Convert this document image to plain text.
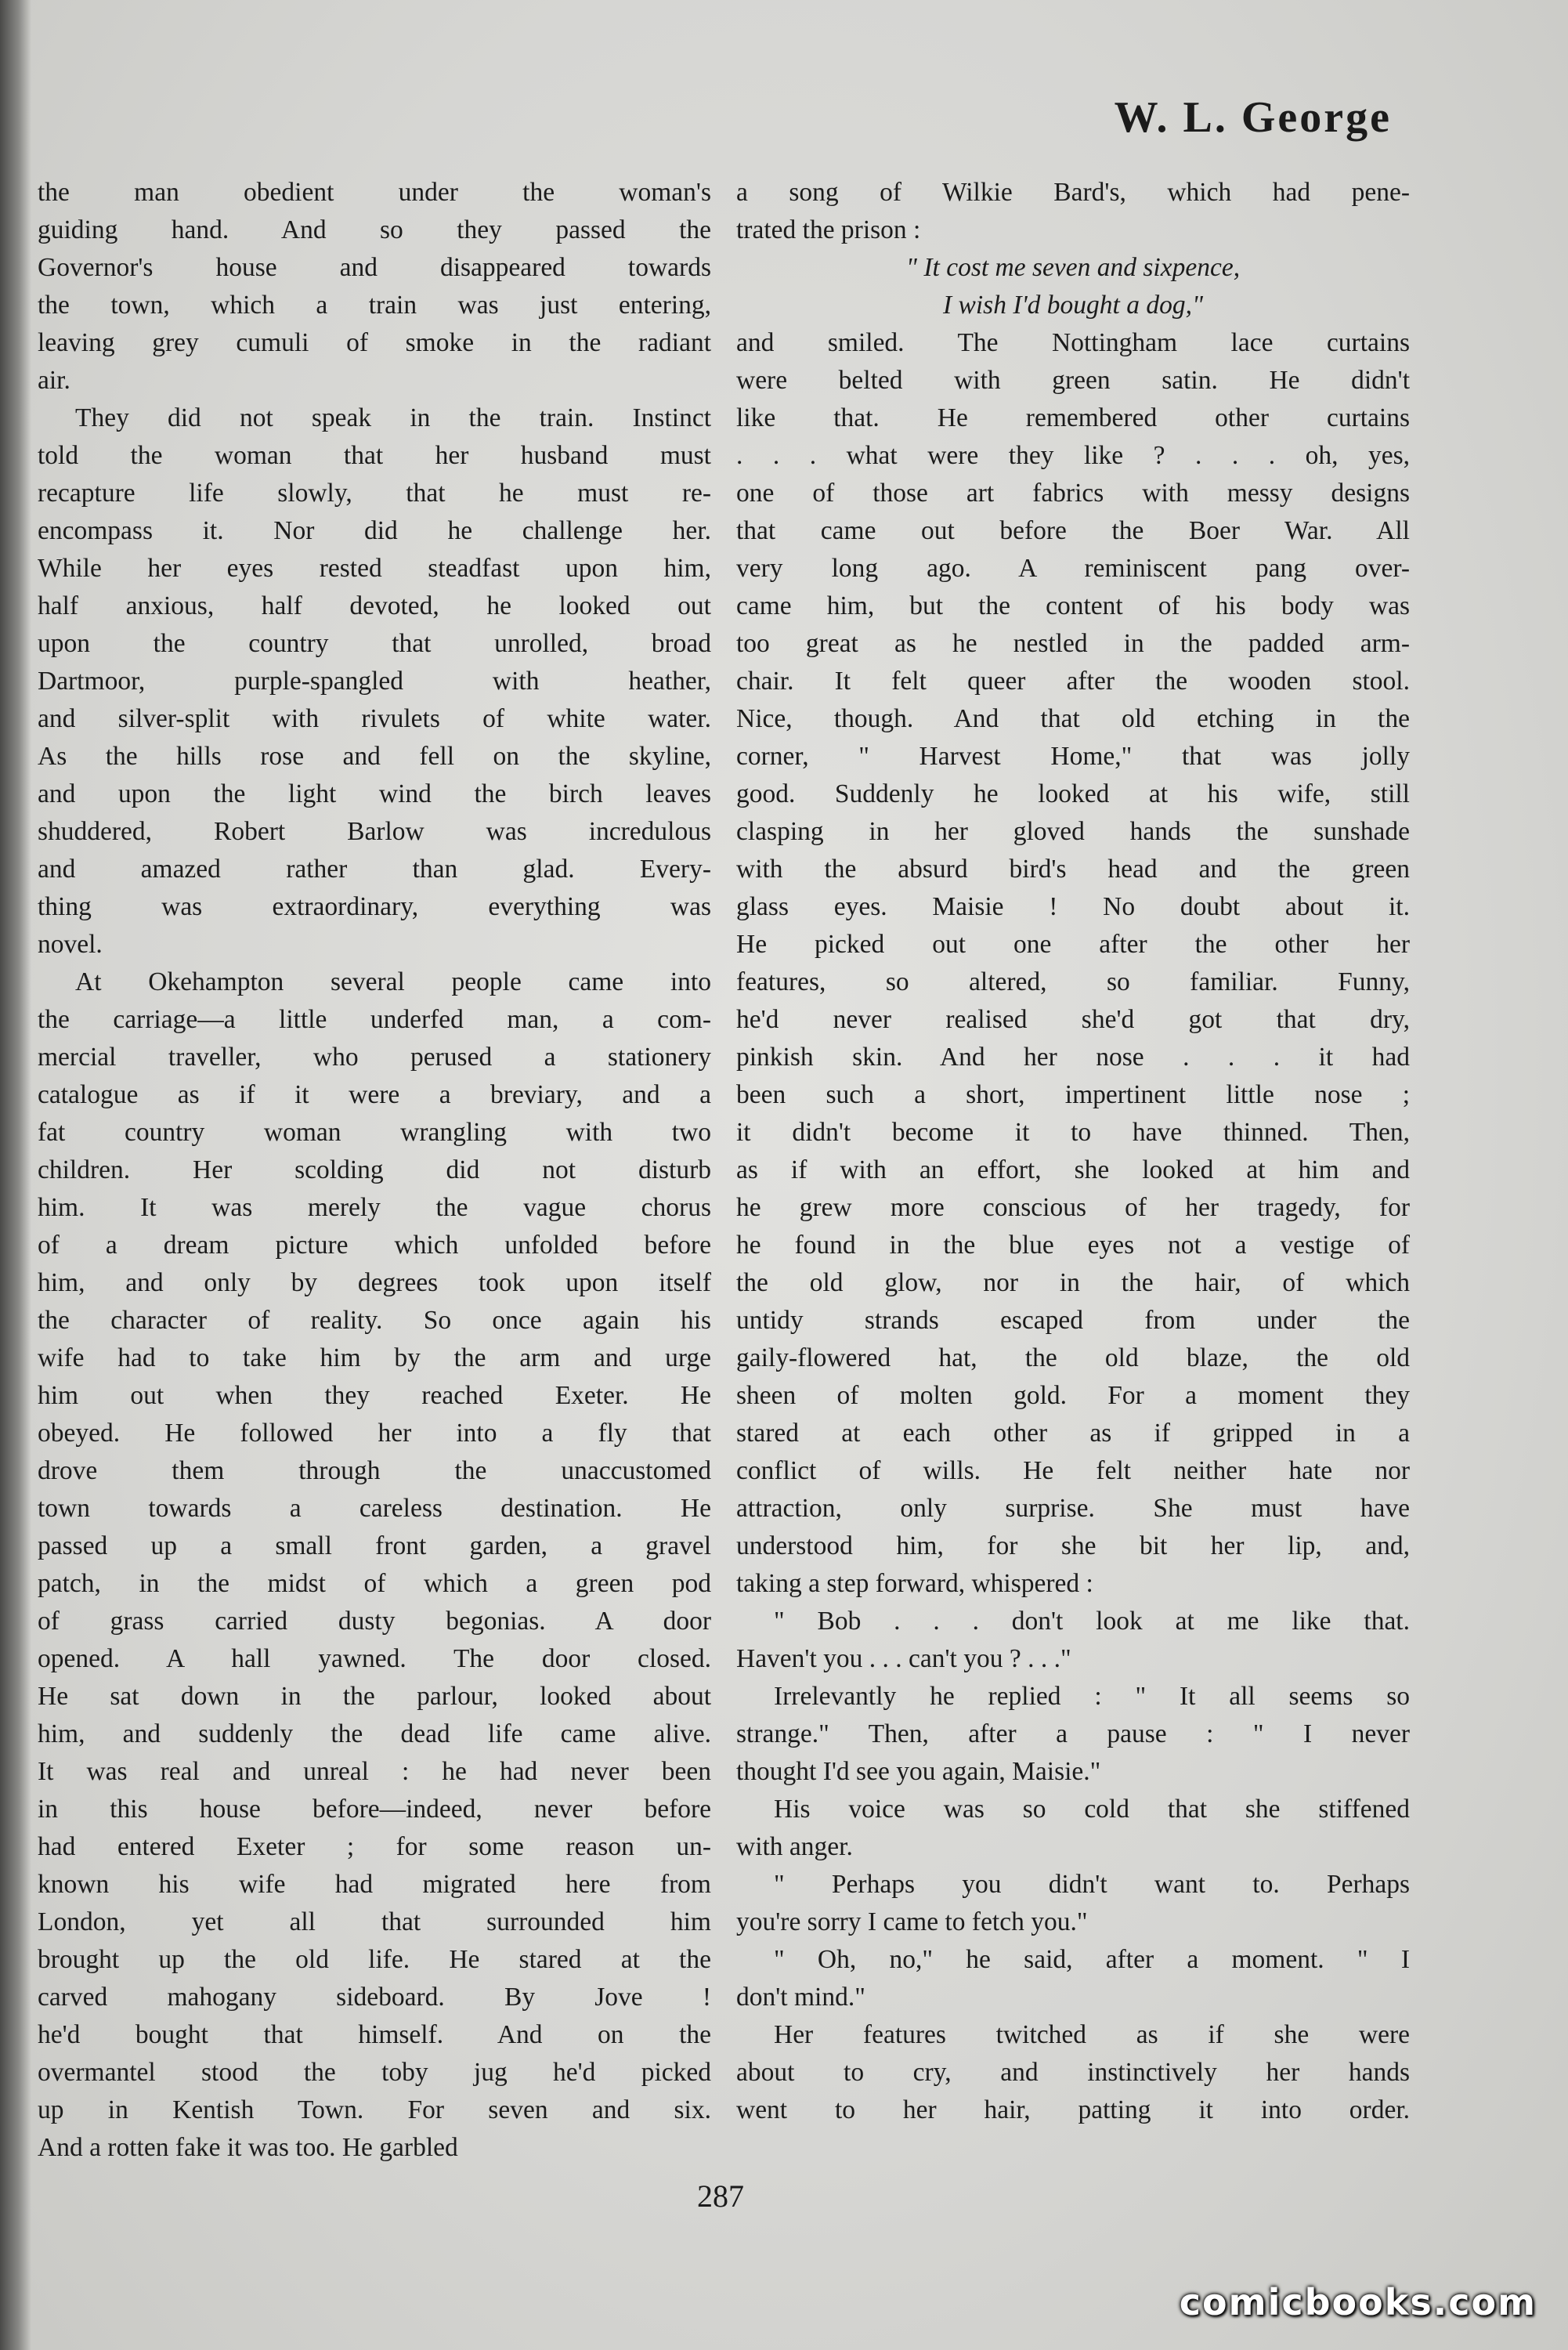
W. L. George
the man obedient under the woman's
guiding hand. And so they passed the
Governor's house and disappeared towards
the town, which a train was just entering,
leaving grey cumuli of smoke in the radiant
air.
They did not speak in the train. Instinct
told the woman that her husband must
recapture life slowly, that he must re-
encompass it. Nor did he challenge her.
While her eyes rested steadfast upon him,
half anxious, half devoted, he looked out
upon the country that unrolled, broad
Dartmoor, purple-spangled with heather,
and silver-split with rivulets of white water.
As the hills rose and fell on the skyline,
and upon the light wind the birch leaves
shuddered, Robert Barlow was incredulous
and amazed rather than glad. Every-
thing was extraordinary, everything was
novel.
At Okehampton several people came into
the carriage—a little underfed man, a com-
mercial traveller, who perused a stationery
catalogue as if it were a breviary, and a
fat country woman wrangling with two
children. Her scolding did not disturb
him. It was merely the vague chorus
of a dream picture which unfolded before
him, and only by degrees took upon itself
the character of reality. So once again his
wife had to take him by the arm and urge
him out when they reached Exeter. He
obeyed. He followed her into a fly that
drove them through the unaccustomed
town towards a careless destination. He
passed up a small front garden, a gravel
patch, in the midst of which a green pod
of grass carried dusty begonias. A door
opened. A hall yawned. The door closed.
He sat down in the parlour, looked about
him, and suddenly the dead life came alive.
It was real and unreal : he had never been
in this house before—indeed, never before
had entered Exeter ; for some reason un-
known his wife had migrated here from
London, yet all that surrounded him
brought up the old life. He stared at the
carved mahogany sideboard. By Jove !
he'd bought that himself. And on the
overmantel stood the toby jug he'd picked
up in Kentish Town. For seven and six.
And a rotten fake it was too. He garbled
a song of Wilkie Bard's, which had pene-
trated the prison :
" It cost me seven and sixpence,
I wish I'd bought a dog,"
and smiled. The Nottingham lace curtains
were belted with green satin. He didn't
like that. He remembered other curtains
. . . what were they like ? . . . oh, yes,
one of those art fabrics with messy designs
that came out before the Boer War. All
very long ago. A reminiscent pang over-
came him, but the content of his body was
too great as he nestled in the padded arm-
chair. It felt queer after the wooden stool.
Nice, though. And that old etching in the
corner, " Harvest Home," that was jolly
good. Suddenly he looked at his wife, still
clasping in her gloved hands the sunshade
with the absurd bird's head and the green
glass eyes. Maisie ! No doubt about it.
He picked out one after the other her
features, so altered, so familiar. Funny,
he'd never realised she'd got that dry,
pinkish skin. And her nose . . . it had
been such a short, impertinent little nose ;
it didn't become it to have thinned. Then,
as if with an effort, she looked at him and
he grew more conscious of her tragedy, for
he found in the blue eyes not a vestige of
the old glow, nor in the hair, of which
untidy strands escaped from under the
gaily-flowered hat, the old blaze, the old
sheen of molten gold. For a moment they
stared at each other as if gripped in a
conflict of wills. He felt neither hate nor
attraction, only surprise. She must have
understood him, for she bit her lip, and,
taking a step forward, whispered :
" Bob . . . don't look at me like that.
Haven't you . . . can't you ? . . ."
Irrelevantly he replied : " It all seems so
strange." Then, after a pause : " I never
thought I'd see you again, Maisie."
His voice was so cold that she stiffened
with anger.
" Perhaps you didn't want to. Perhaps
you're sorry I came to fetch you."
" Oh, no," he said, after a moment. " I
don't mind."
Her features twitched as if she were
about to cry, and instinctively her hands
went to her hair, patting it into order.
287
comicbooks.com
